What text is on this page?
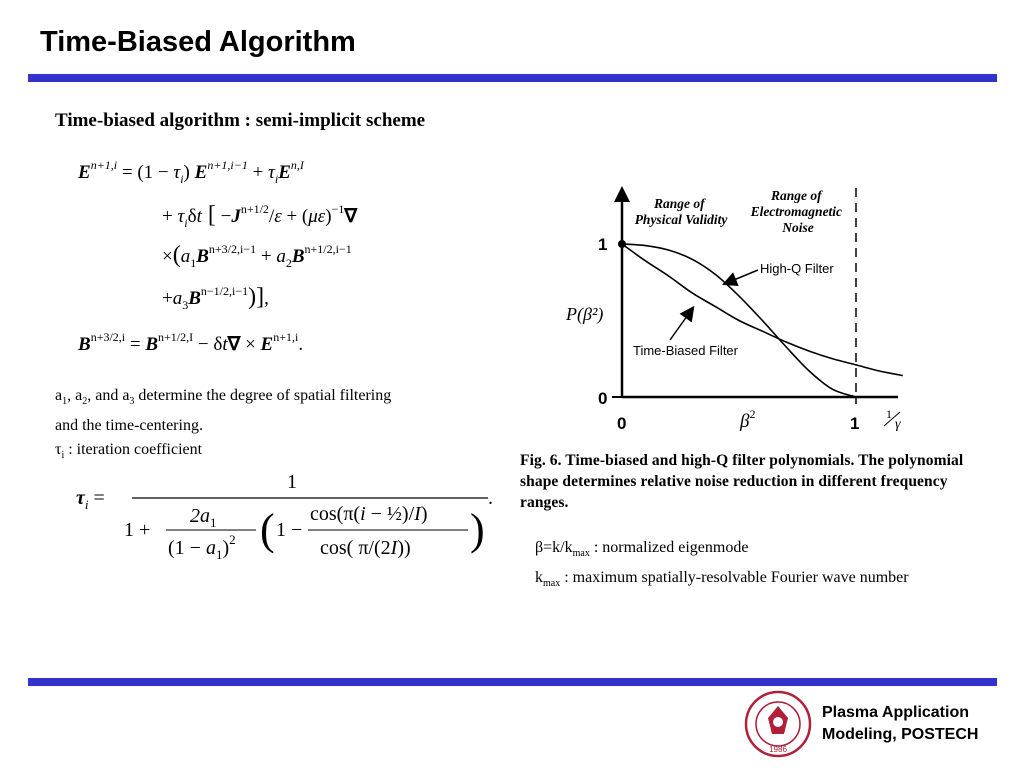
Time-Biased Algorithm
Time-biased algorithm : semi-implicit scheme
$E^{n+1,i} = (1 - \tau_i) E^{n+1,i-1} + \tau_iE^{n,I}$
+ $\tau_i\delta t$ [ $-J^{n+1/2}/\varepsilon + (\mu\varepsilon)^{-1}\nabla$
$\times(a_1B^{n+3/2,i-1} + a_2B^{n+1/2,i-1}$
$+a_3B^{n-1/2,i-1}$)],
$B^{n+3/2,i} = B^{n+1/2,I} - \delta t\nabla \times E^{n+1,i}$.
$a_1$, $a_2$, and $a_3$ determine the degree of spatial filtering
and the time-centering.
$\tau_i$ : iteration coefficient
$\tau_i$ =
1
1 +
$2a_1$
$(1 - a_1)^2$ ( 1 −
cos(π(i − ½)/I)
cos( π/(2I)) )
.
1
0
0	1 1
γ
P(β²)
$\beta^2$
Range of Physical Validity
Range of Electromagnetic Noise
High-Q Filter
Time-Biased Filter
Fig. 6. Time-biased and high-Q filter polynomials. The polynomial shape determines relative noise reduction in different frequency ranges.
$\beta=k/k_{max}$ : normalized eigenmode
$k_{max}$ : maximum spatially-resolvable Fourier wave number
1986
Plasma Application
Modeling, POSTECH
